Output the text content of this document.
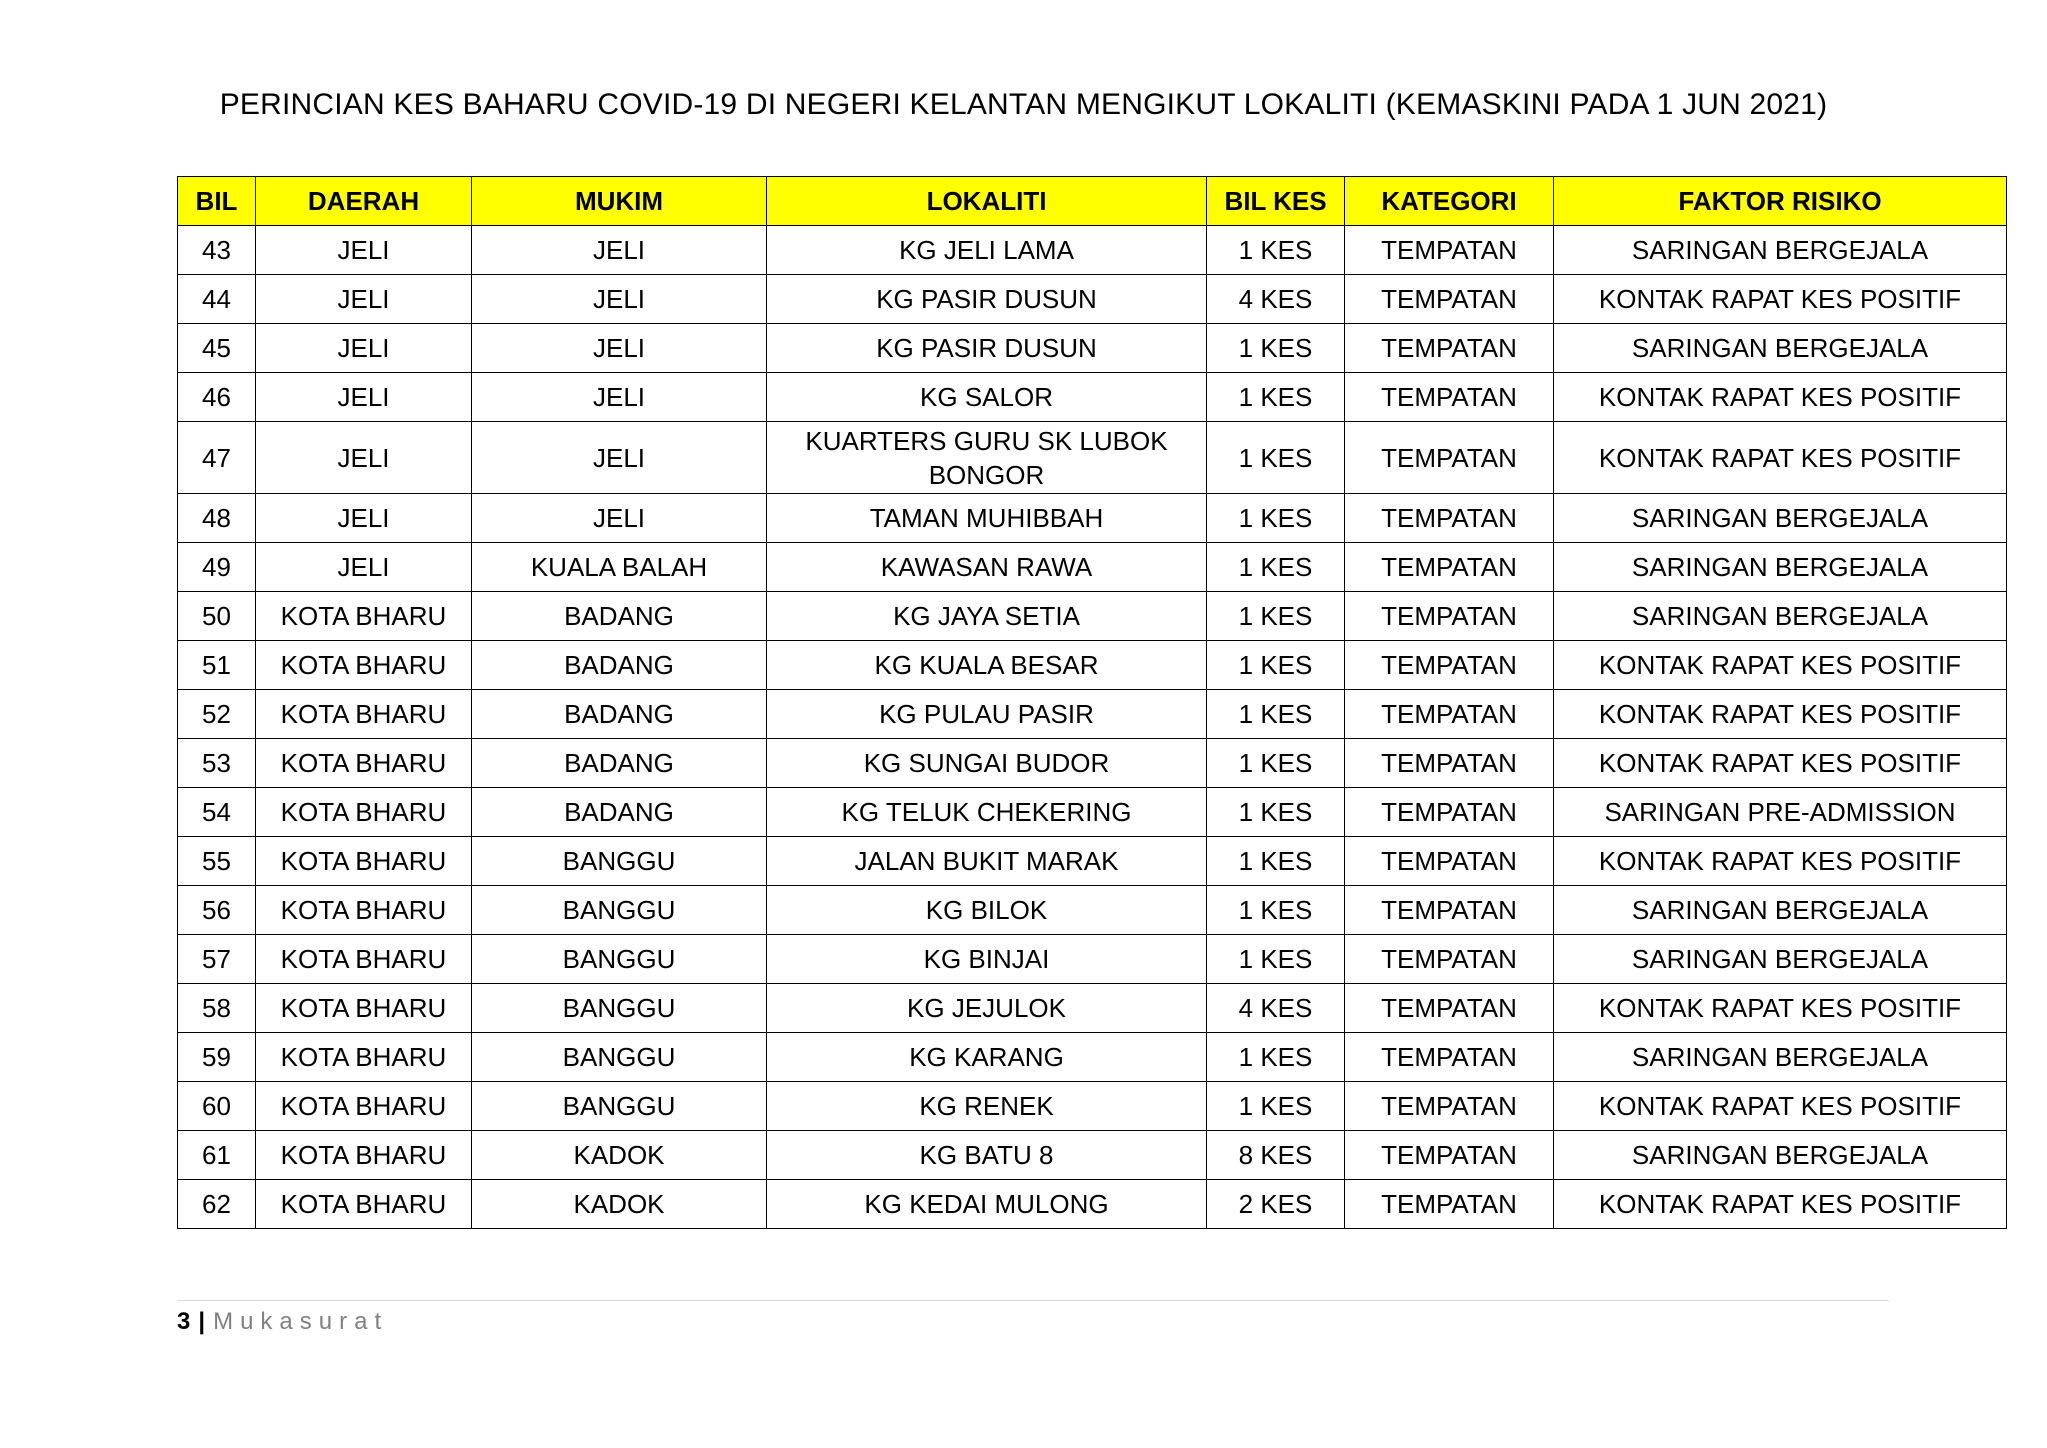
PERINCIAN KES BAHARU COVID-19 DI NEGERI KELANTAN MENGIKUT LOKALITI (KEMASKINI PADA 1 JUN 2021)
BIL	DAERAH	MUKIM	LOKALITI	BIL KES	KATEGORI	FAKTOR RISIKO
43	JELI	JELI	KG JELI LAMA	1 KES	TEMPATAN	SARINGAN BERGEJALA
44	JELI	JELI	KG PASIR DUSUN	4 KES	TEMPATAN	KONTAK RAPAT KES POSITIF
45	JELI	JELI	KG PASIR DUSUN	1 KES	TEMPATAN	SARINGAN BERGEJALA
46	JELI	JELI	KG SALOR	1 KES	TEMPATAN	KONTAK RAPAT KES POSITIF
47	JELI	JELI	KUARTERS GURU SK LUBOK BONGOR	1 KES	TEMPATAN	KONTAK RAPAT KES POSITIF
48	JELI	JELI	TAMAN MUHIBBAH	1 KES	TEMPATAN	SARINGAN BERGEJALA
49	JELI	KUALA BALAH	KAWASAN RAWA	1 KES	TEMPATAN	SARINGAN BERGEJALA
50	KOTA BHARU	BADANG	KG JAYA SETIA	1 KES	TEMPATAN	SARINGAN BERGEJALA
51	KOTA BHARU	BADANG	KG KUALA BESAR	1 KES	TEMPATAN	KONTAK RAPAT KES POSITIF
52	KOTA BHARU	BADANG	KG PULAU PASIR	1 KES	TEMPATAN	KONTAK RAPAT KES POSITIF
53	KOTA BHARU	BADANG	KG SUNGAI BUDOR	1 KES	TEMPATAN	KONTAK RAPAT KES POSITIF
54	KOTA BHARU	BADANG	KG TELUK CHEKERING	1 KES	TEMPATAN	SARINGAN PRE-ADMISSION
55	KOTA BHARU	BANGGU	JALAN BUKIT MARAK	1 KES	TEMPATAN	KONTAK RAPAT KES POSITIF
56	KOTA BHARU	BANGGU	KG BILOK	1 KES	TEMPATAN	SARINGAN BERGEJALA
57	KOTA BHARU	BANGGU	KG BINJAI	1 KES	TEMPATAN	SARINGAN BERGEJALA
58	KOTA BHARU	BANGGU	KG JEJULOK	4 KES	TEMPATAN	KONTAK RAPAT KES POSITIF
59	KOTA BHARU	BANGGU	KG KARANG	1 KES	TEMPATAN	SARINGAN BERGEJALA
60	KOTA BHARU	BANGGU	KG RENEK	1 KES	TEMPATAN	KONTAK RAPAT KES POSITIF
61	KOTA BHARU	KADOK	KG BATU 8	8 KES	TEMPATAN	SARINGAN BERGEJALA
62	KOTA BHARU	KADOK	KG KEDAI MULONG	2 KES	TEMPATAN	KONTAK RAPAT KES POSITIF
3 | Mukasurat
